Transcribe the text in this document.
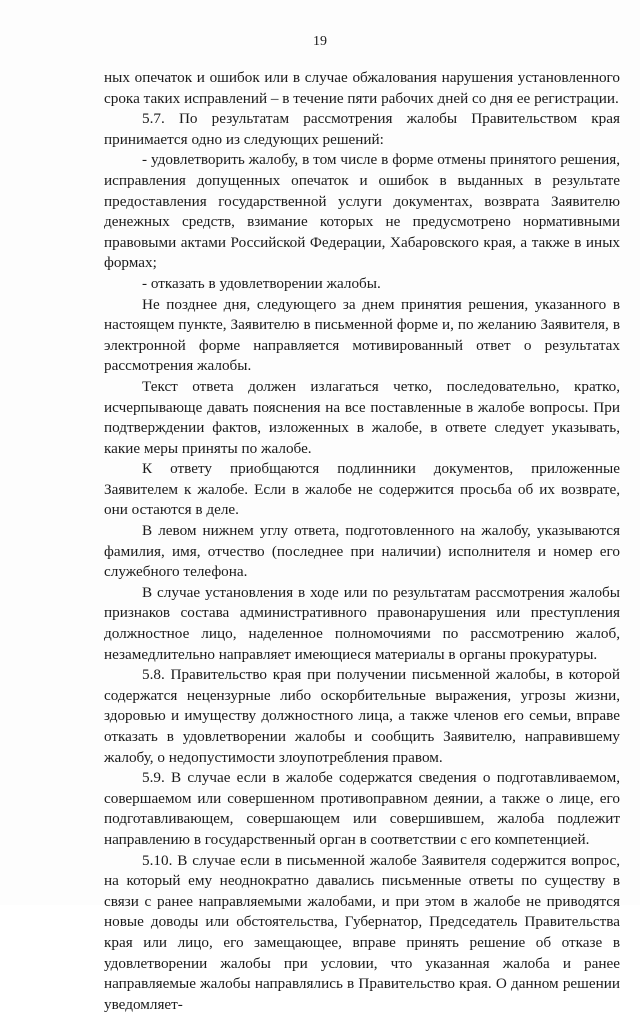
19

ных опечаток и ошибок или в случае обжалования нарушения установленного срока таких исправлений – в течение пяти рабочих дней со дня ее регистрации.

5.7. По результатам рассмотрения жалобы Правительством края принимается одно из следующих решений:

- удовлетворить жалобу, в том числе в форме отмены принятого решения, исправления допущенных опечаток и ошибок в выданных в результате предоставления государственной услуги документах, возврата Заявителю денежных средств, взимание которых не предусмотрено нормативными правовыми актами Российской Федерации, Хабаровского края, а также в иных формах;

- отказать в удовлетворении жалобы.

Не позднее дня, следующего за днем принятия решения, указанного в настоящем пункте, Заявителю в письменной форме и, по желанию Заявителя, в электронной форме направляется мотивированный ответ о результатах рассмотрения жалобы.

Текст ответа должен излагаться четко, последовательно, кратко, исчерпывающе давать пояснения на все поставленные в жалобе вопросы. При подтверждении фактов, изложенных в жалобе, в ответе следует указывать, какие меры приняты по жалобе.

К ответу приобщаются подлинники документов, приложенные Заявителем к жалобе. Если в жалобе не содержится просьба об их возврате, они остаются в деле.

В левом нижнем углу ответа, подготовленного на жалобу, указываются фамилия, имя, отчество (последнее при наличии) исполнителя и номер его служебного телефона.

В случае установления в ходе или по результатам рассмотрения жалобы признаков состава административного правонарушения или преступления должностное лицо, наделенное полномочиями по рассмотрению жалоб, незамедлительно направляет имеющиеся материалы в органы прокуратуры.

5.8. Правительство края при получении письменной жалобы, в которой содержатся нецензурные либо оскорбительные выражения, угрозы жизни, здоровью и имуществу должностного лица, а также членов его семьи, вправе отказать в удовлетворении жалобы и сообщить Заявителю, направившему жалобу, о недопустимости злоупотребления правом.

5.9. В случае если в жалобе содержатся сведения о подготавливаемом, совершаемом или совершенном противоправном деянии, а также о лице, его подготавливающем, совершающем или совершившем, жалоба подлежит направлению в государственный орган в соответствии с его компетенцией.

5.10. В случае если в письменной жалобе Заявителя содержится вопрос, на который ему неоднократно давались письменные ответы по существу в связи с ранее направляемыми жалобами, и при этом в жалобе не приводятся новые доводы или обстоятельства, Губернатор, Председатель Правительства края или лицо, его замещающее, вправе принять решение об отказе в удовлетворении жалобы при условии, что указанная жалоба и ранее направляемые жалобы направлялись в Правительство края. О данном решении уведомляет-
